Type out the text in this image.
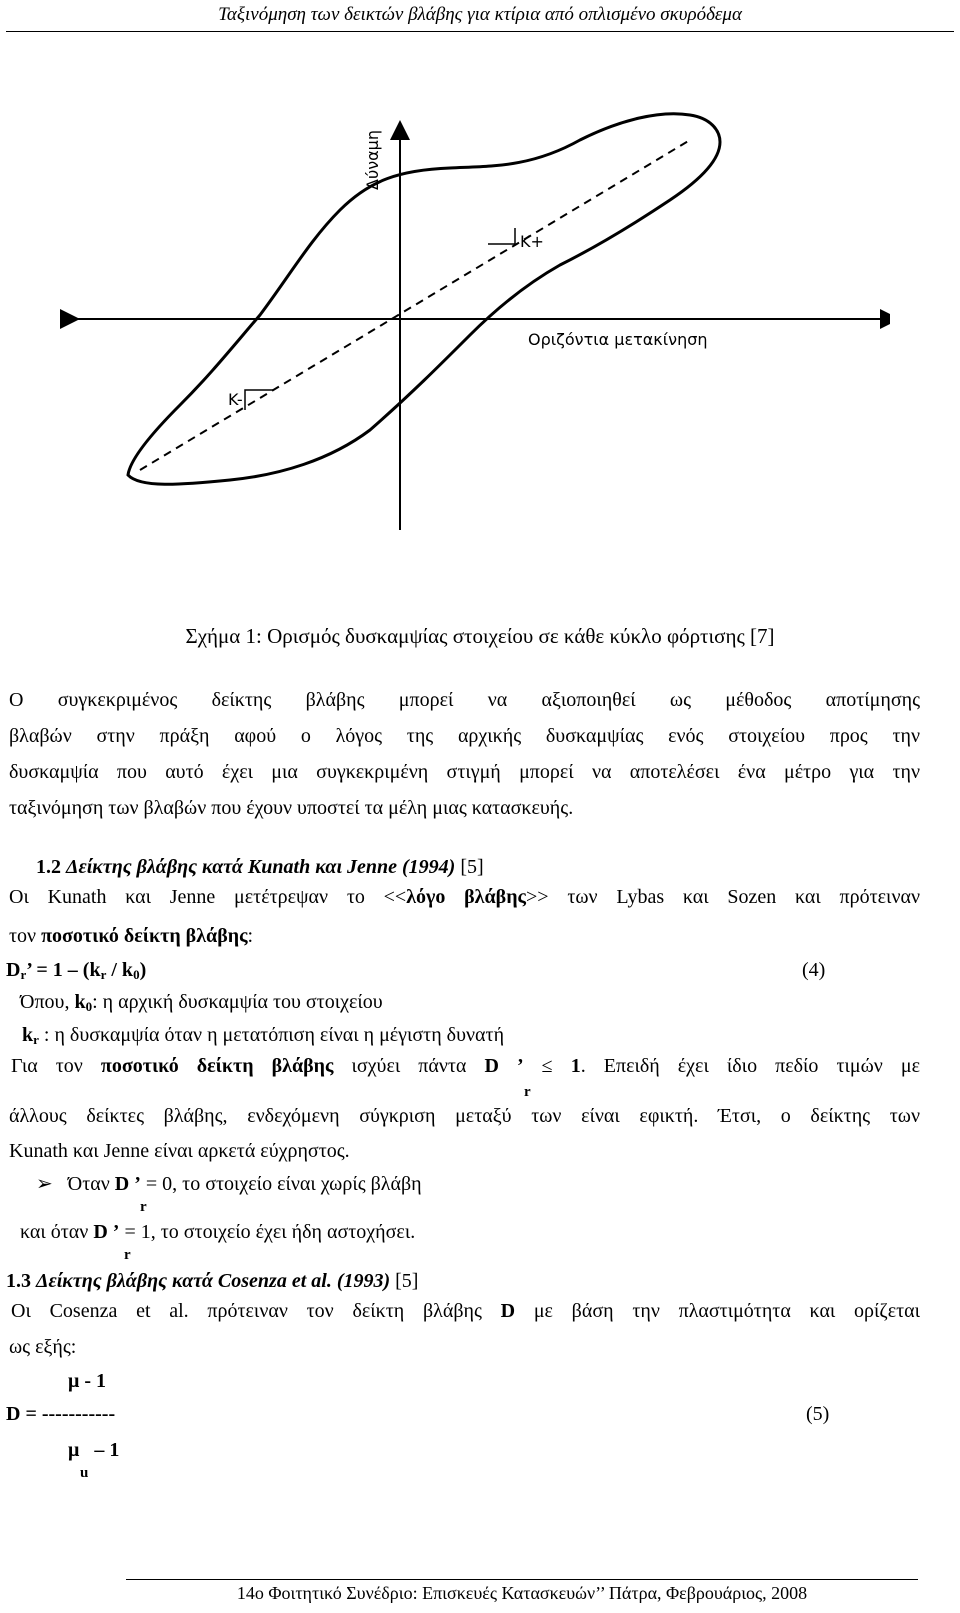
Ταξινόμηση των δεικτών βλάβης για κτίρια από οπλισμένο σκυρόδεμα
K+
K-
Οριζόντια μετακίνηση
Δύναμη
Σχήμα 1: Ορισμός δυσκαμψίας στοιχείου σε κάθε κύκλο φόρτισης [7]
Ο συγκεκριμένος δείκτης βλάβης μπορεί να αξιοποιηθεί ως μέθοδος αποτίμησης
βλαβών στην πράξη αφού ο λόγος της αρχικής δυσκαμψίας ενός στοιχείου προς την
δυσκαμψία που αυτό έχει μια συγκεκριμένη στιγμή μπορεί να αποτελέσει ένα μέτρο για την
ταξινόμηση των βλαβών που έχουν υποστεί τα μέλη μιας κατασκευής.
1.2 Δείκτης βλάβης κατά Kunath και Jenne (1994) [5]
Οι Kunath και Jenne μετέτρεψαν το <<λόγο βλάβης>> των Lybas και Sozen και πρότειναν
τον ποσοτικό δείκτη βλάβης:
$D_r$’ = $1 - (k_r / k_0)$	(4)
Όπου, $k_0$: η αρχική δυσκαμψία του στοιχείου
$k_r$ : η δυσκαμψία όταν η μετατόπιση είναι η μέγιστη δυνατή
Για τον ποσοτικό δείκτη βλάβης ισχύει πάντα D ’ ≤ 1. Επειδή έχει ίδιο πεδίο τιμών με
r
άλλους δείκτες βλάβης, ενδεχόμενη σύγκριση μεταξύ των είναι εφικτή. Έτσι, ο δείκτης των
Kunath και Jenne είναι αρκετά εύχρηστος.
➢ Όταν D ’ = 0, το στοιχείο είναι χωρίς βλάβη
r
και όταν D ’ = 1, το στοιχείο έχει ήδη αστοχήσει.
r
1.3 Δείκτης βλάβης κατά Cosenza et al. (1993) [5]
Οι Cosenza et al. πρότειναν τον δείκτη βλάβης D με βάση την πλαστιμότητα και ορίζεται
ως εξής:
μ - 1
D = -----------	(5)
μ – 1
u
14ο Φοιτητικό Συνέδριο: Επισκευές Κατασκευών’’ Πάτρα, Φεβρουάριος, 2008
